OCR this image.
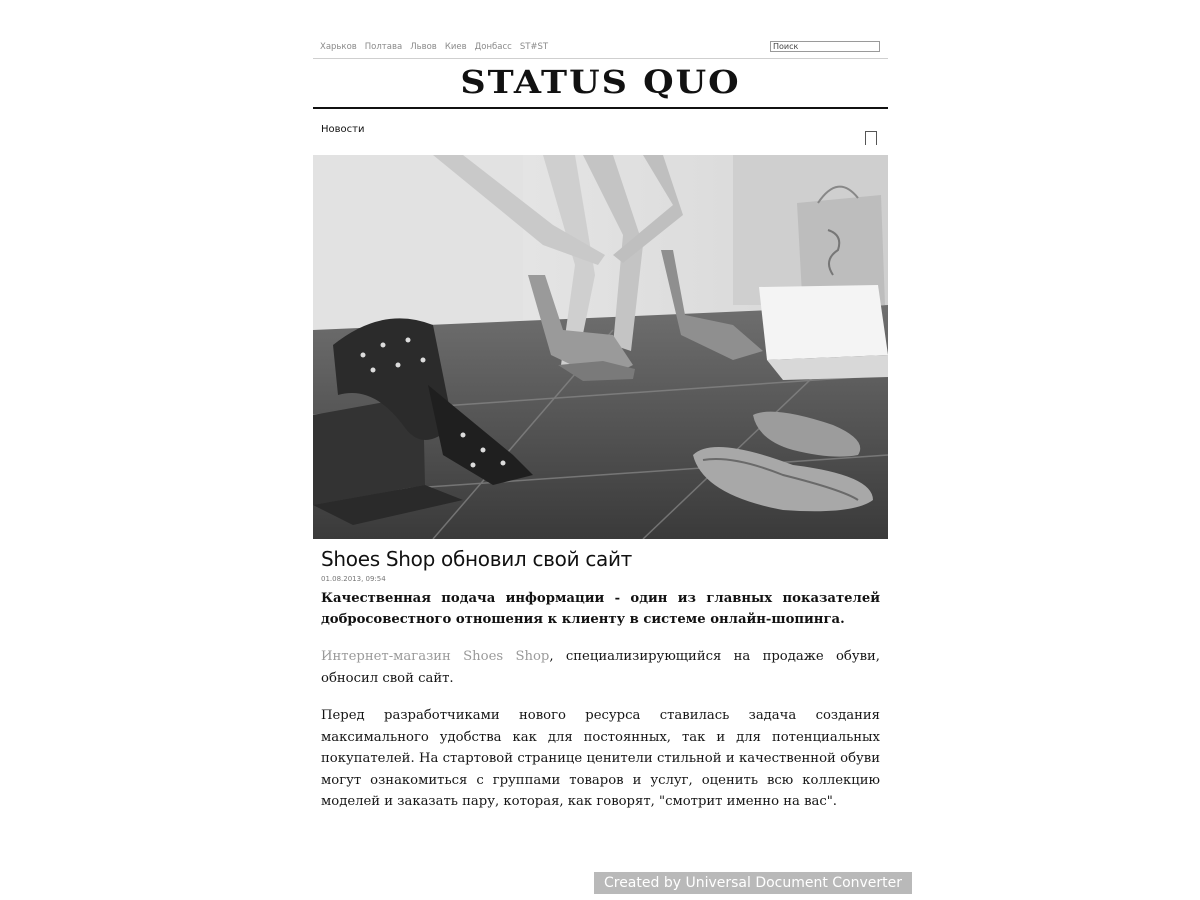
Харьков Полтава Львов Киев Донбасс ST#ST
Поиск
STATUS QUO
Новости
Shoes Shop обновил свой сайт
01.08.2013, 09:54

Качественная подача информации - один из главных показателей добросовестного отношения к клиенту в системе онлайн-шопинга.

Интернет-магазин Shoes Shop, специализирующийся на продаже обуви, обносил свой сайт.

Перед разработчиками нового ресурса ставилась задача создания максимального удобства как для постоянных, так и для потенциальных покупателей. На стартовой странице ценители стильной и качественной обуви могут ознакомиться с группами товаров и услуг, оценить всю коллекцию моделей и заказать пару, которая, как говорят, "смотрит именно на вас".

Created by Universal Document Converter
